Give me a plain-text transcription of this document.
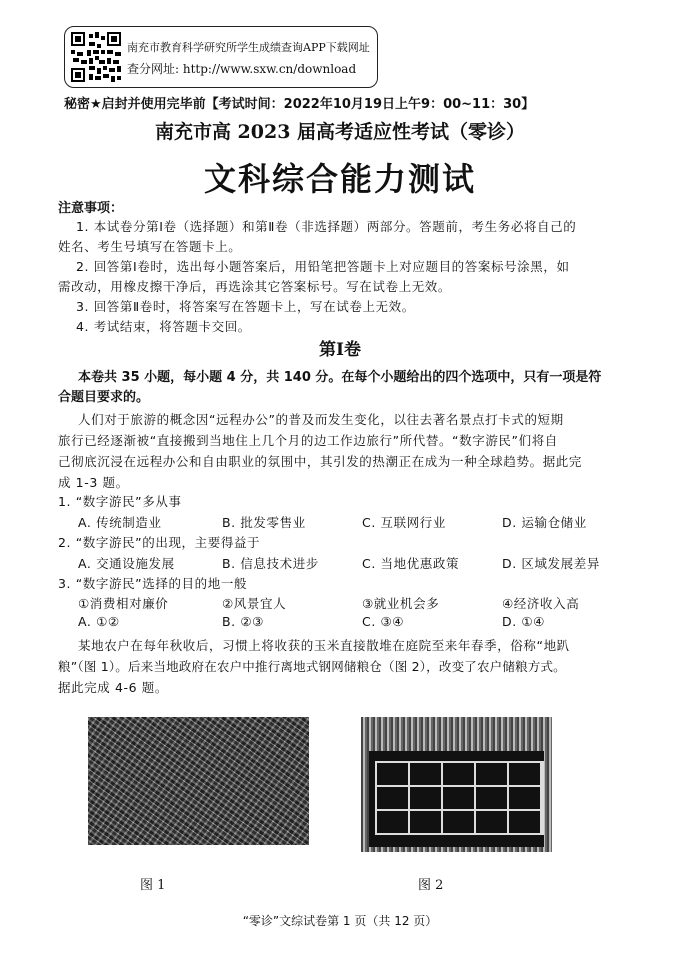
南充市教育科学研究所学生成绩查询APP下载网址
查分网址: http://www.sxw.cn/download
秘密★启封并使用完毕前【考试时间：2022年10月19日上午9：00~11：30】
南充市高 2023 届高考适应性考试（零诊）
文科综合能力测试
注意事项：
1. 本试卷分第Ⅰ卷（选择题）和第Ⅱ卷（非选择题）两部分。答题前，考生务必将自己的
姓名、考生号填写在答题卡上。
2. 回答第Ⅰ卷时，选出每小题答案后，用铅笔把答题卡上对应题目的答案标号涂黑，如
需改动，用橡皮擦干净后，再选涂其它答案标号。写在试卷上无效。
3. 回答第Ⅱ卷时，将答案写在答题卡上，写在试卷上无效。
4. 考试结束，将答题卡交回。
第Ⅰ卷
本卷共 35 小题，每小题 4 分，共 140 分。在每个小题给出的四个选项中，只有一项是符
合题目要求的。
人们对于旅游的概念因“远程办公”的普及而发生变化，以往去著名景点打卡式的短期
旅行已经逐渐被“直接搬到当地住上几个月的边工作边旅行”所代替。“数字游民”们将自
己彻底沉浸在远程办公和自由职业的氛围中，其引发的热潮正在成为一种全球趋势。据此完
成 1-3 题。
1. “数字游民”多从事
A. 传统制造业	B. 批发零售业	C. 互联网行业	D. 运输仓储业
2. “数字游民”的出现，主要得益于
A. 交通设施发展	B. 信息技术进步	C. 当地优惠政策	D. 区域发展差异
3. “数字游民”选择的目的地一般
①消费相对廉价	②风景宜人	③就业机会多	④经济收入高
A. ①②	B. ②③	C. ③④	D. ①④
某地农户在每年秋收后，习惯上将收获的玉米直接散堆在庭院至来年春季，俗称“地趴
粮”（图 1）。后来当地政府在农户中推行离地式钢网储粮仓（图 2），改变了农户储粮方式。
据此完成 4-6 题。
图 1	图 2
“零诊”文综试卷第 1 页（共 12 页）
